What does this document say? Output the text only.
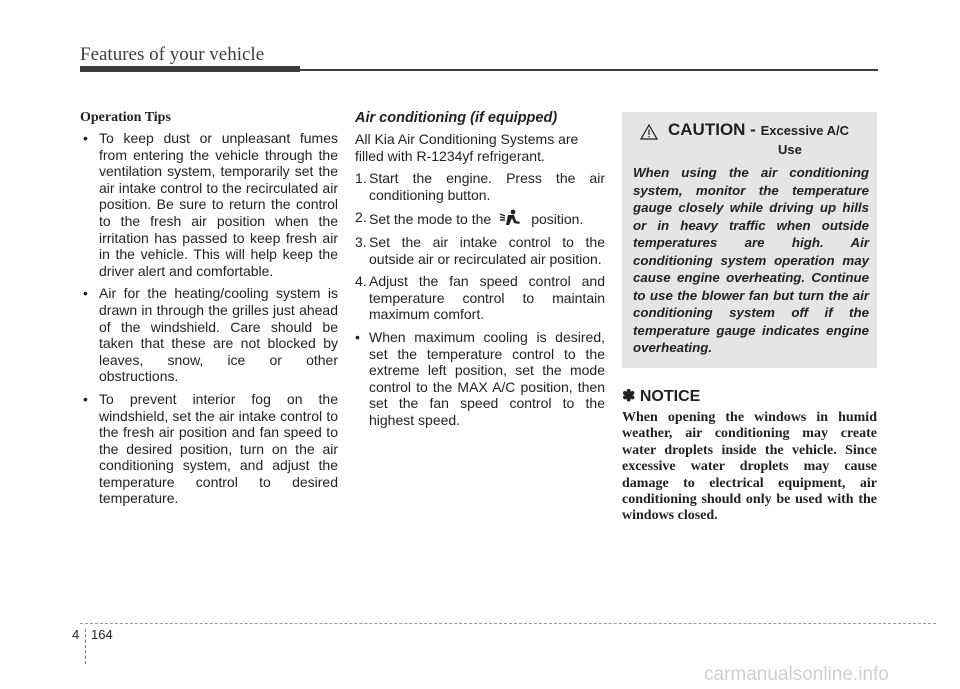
Features of your vehicle
Operation Tips
• To keep dust or unpleasant fumes from entering the vehicle through the ventilation system, temporarily set the air intake control to the recirculated air position. Be sure to return the control to the fresh air position when the irritation has passed to keep fresh air in the vehicle. This will help keep the driver alert and comfortable.
• Air for the heating/cooling system is drawn in through the grilles just ahead of the windshield. Care should be taken that these are not blocked by leaves, snow, ice or other obstructions.
• To prevent interior fog on the windshield, set the air intake control to the fresh air position and fan speed to the desired position, turn on the air conditioning system, and adjust the temperature control to desired temperature.
Air conditioning (if equipped)
All Kia Air Conditioning Systems are filled with R-1234yf refrigerant.
1. Start the engine. Press the air conditioning button.
2. Set the mode to the	position.
3. Set the air intake control to the outside air or recirculated air position.
4. Adjust the fan speed control and temperature control to maintain maximum comfort.
• When maximum cooling is desired, set the temperature control to the extreme left position, set the mode control to the MAX A/C position, then set the fan speed control to the highest speed.
CAUTION - Excessive A/C
Use
When using the air conditioning system, monitor the temperature gauge closely while driving up hills or in heavy traffic when outside temperatures are high. Air conditioning system operation may cause engine overheating. Continue to use the blower fan but turn the air conditioning system off if the temperature gauge indicates engine overheating.
✽ NOTICE
When opening the windows in humid weather, air conditioning may create water droplets inside the vehicle. Since excessive water droplets may cause damage to electrical equipment, air conditioning should only be used with the windows closed.
4 164
carmanualsonline.info
